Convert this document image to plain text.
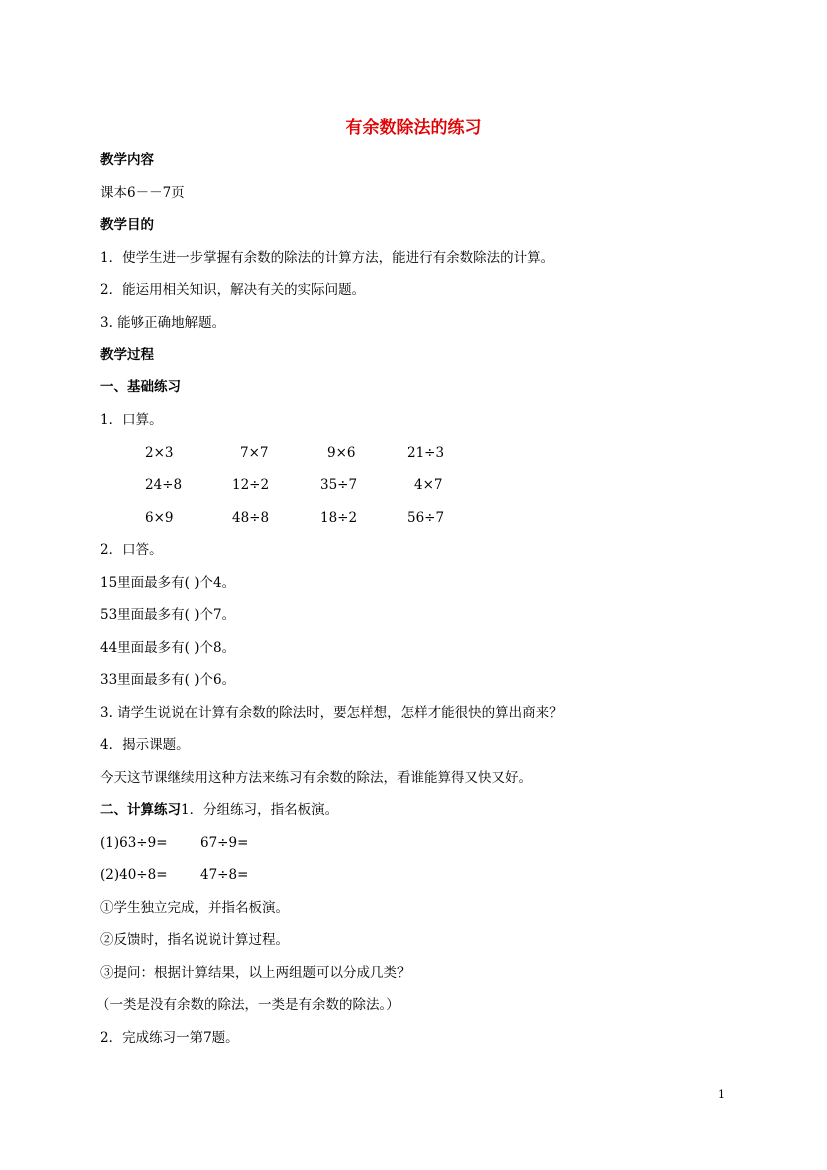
有余数除法的练习
教学内容
课本6－－7页
教学目的
1．使学生进一步掌握有余数的除法的计算方法，能进行有余数除法的计算。
2．能运用相关知识，解决有关的实际问题。
3. 能够正确地解题。
教学过程
一、基础练习
1．口算。
2×3	7×7	9×6	21÷3
24÷8	12÷2	35÷7	4×7
6×9	48÷8	18÷2	56÷7
2．口答。
15里面最多有( )个4。
53里面最多有( )个7。
44里面最多有( )个8。
33里面最多有( )个6。
3. 请学生说说在计算有余数的除法时，要怎样想，怎样才能很快的算出商来？
4．揭示课题。
今天这节课继续用这种方法来练习有余数的除法，看谁能算得又快又好。
二、计算练习1．分组练习，指名板演。
(1)63÷9= 67÷9=
(2)40÷8= 47÷8=
①学生独立完成，并指名板演。
②反馈时，指名说说计算过程。
③提问：根据计算结果，以上两组题可以分成几类？
（一类是没有余数的除法，一类是有余数的除法。）
2．完成练习一第7题。
1
